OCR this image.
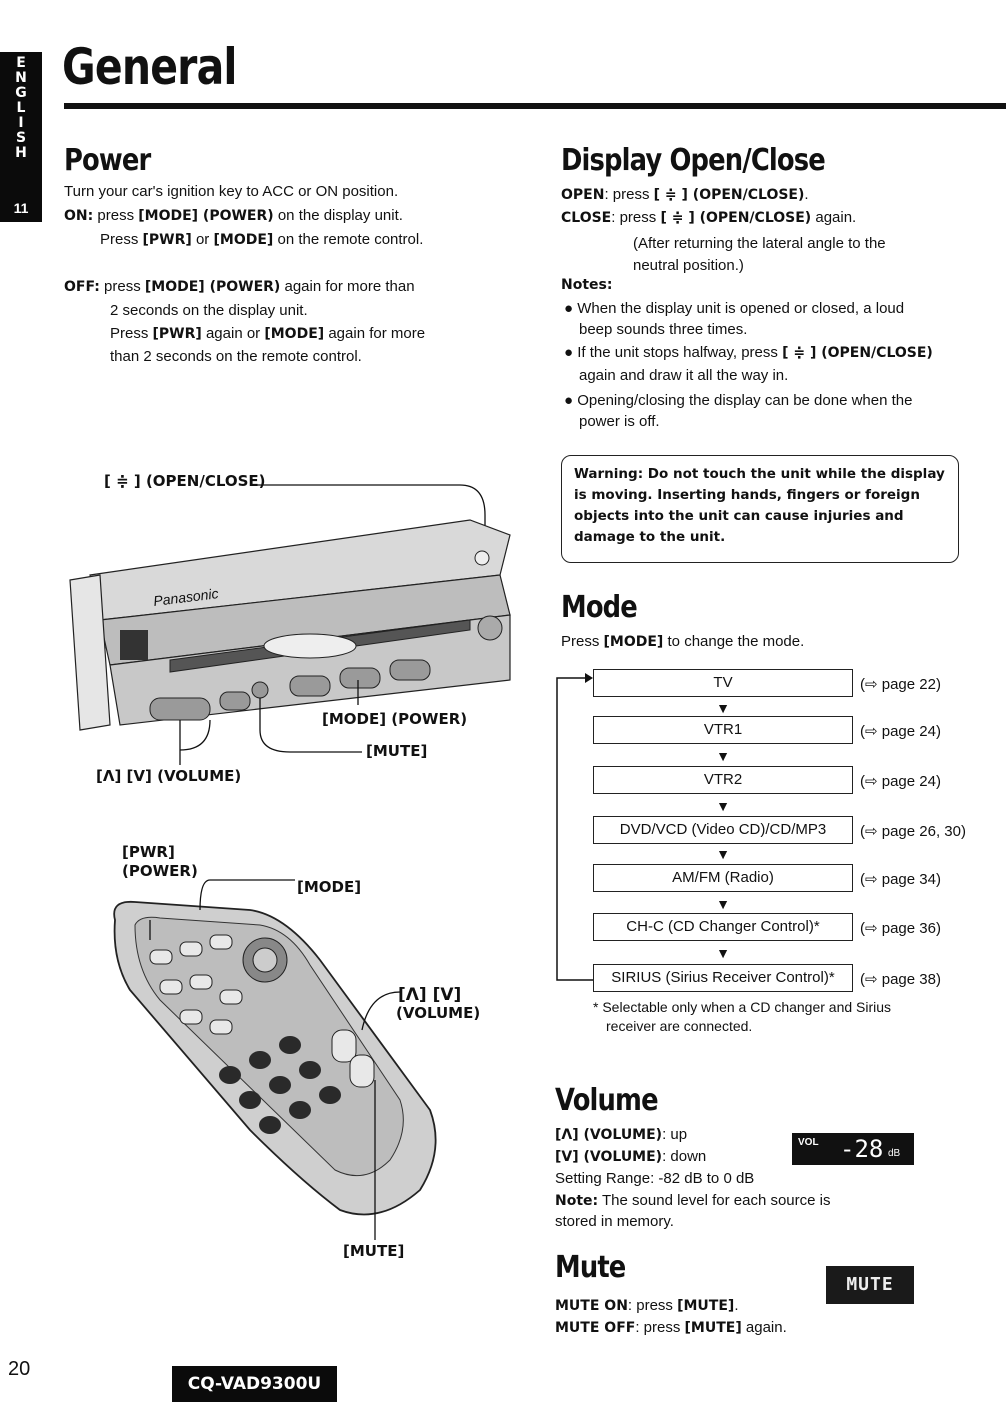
E
N
G
L
I
S
H
11
General
Power
Turn your car's ignition key to ACC or ON position.
ON: press [MODE] (POWER) on the display unit.
Press [PWR] or [MODE] on the remote control.
OFF: press [MODE] (POWER) again for more than
2 seconds on the display unit.
Press [PWR] again or [MODE] again for more
than 2 seconds on the remote control.
[ ≑ ] (OPEN/CLOSE)
Panasonic
[MODE] (POWER)
[MUTE]
[Λ] [V] (VOLUME)
[PWR]
(POWER)
[MODE]
[Λ] [V]
(VOLUME)
[MUTE]
Display Open/Close
OPEN: press [ ≑ ] (OPEN/CLOSE).
CLOSE: press [ ≑ ] (OPEN/CLOSE) again.
(After returning the lateral angle to the
neutral position.)
Notes:
● When the display unit is opened or closed, a loud
beep sounds three times.
● If the unit stops halfway, press [ ≑ ] (OPEN/CLOSE)
again and draw it all the way in.
● Opening/closing the display can be done when the
power is off.
Warning: Do not touch the unit while the display is moving. Inserting hands, fingers or foreign objects into the unit can cause injuries and damage to the unit.
Mode
Press [MODE] to change the mode.
TV	(⇨ page 22)
▼
VTR1	(⇨ page 24)
▼
VTR2	(⇨ page 24)
▼
DVD/VCD (Video CD)/CD/MP3	(⇨ page 26, 30)
▼
AM/FM (Radio)	(⇨ page 34)
▼
CH-C (CD Changer Control)*	(⇨ page 36)
▼
SIRIUS (Sirius Receiver Control)*	(⇨ page 38)
* Selectable only when a CD changer and Sirius
receiver are connected.
Volume
[Λ] (VOLUME): up
[V] (VOLUME): down
Setting Range: -82 dB to 0 dB
Note: The sound level for each source is
stored in memory.
VOL -28 dB
Mute	MUTE
MUTE ON: press [MUTE].
MUTE OFF: press [MUTE] again.
20
CQ-VAD9300U
